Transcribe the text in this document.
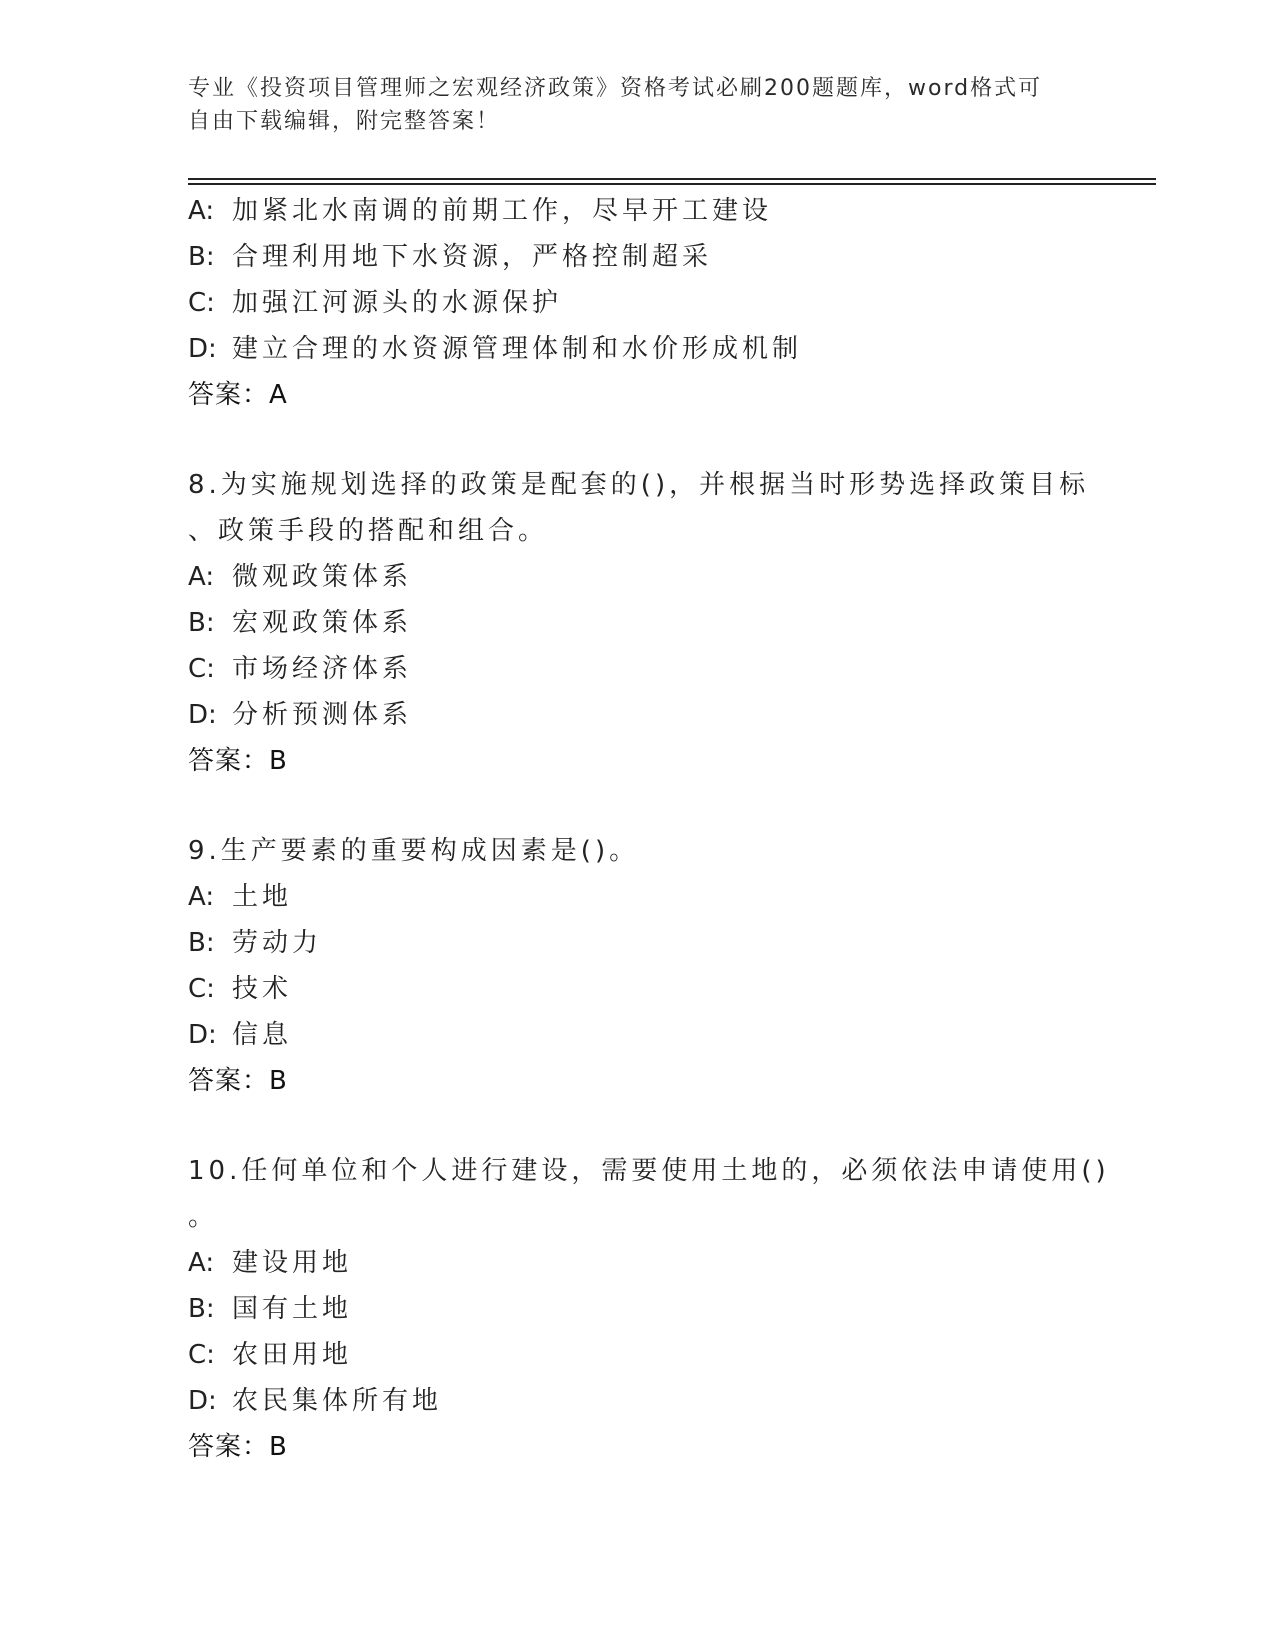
专业《投资项目管理师之宏观经济政策》资格考试必刷200题题库，word格式可
自由下载编辑，附完整答案！
A: 加紧北水南调的前期工作，尽早开工建设
B: 合理利用地下水资源，严格控制超采
C: 加强江河源头的水源保护
D: 建立合理的水资源管理体制和水价形成机制
答案：A
8.为实施规划选择的政策是配套的()，并根据当时形势选择政策目标
、政策手段的搭配和组合。
A: 微观政策体系
B: 宏观政策体系
C: 市场经济体系
D: 分析预测体系
答案：B
9.生产要素的重要构成因素是()。
A: 土地
B: 劳动力
C: 技术
D: 信息
答案：B
10.任何单位和个人进行建设，需要使用土地的，必须依法申请使用()
。
A: 建设用地
B: 国有土地
C: 农田用地
D: 农民集体所有地
答案：B
